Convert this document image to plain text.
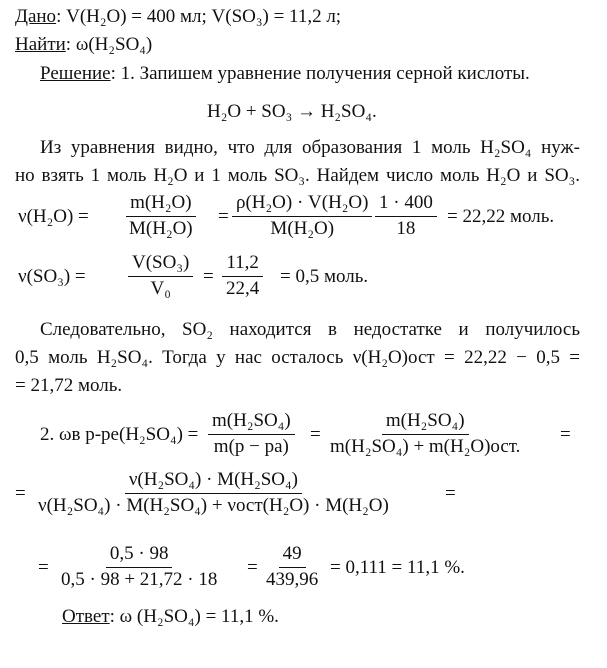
Дано: V(H₂O) = 400 мл; V(SO₃) = 11,2 л;
Найти: ω(H₂SO₄)
Решение: 1. Запишем уравнение получения серной кислоты.
H₂O + SO₃ → H₂SO₄.
Из уравнения видно, что для образования 1 моль H₂SO₄ нуж-
но взять 1 моль H₂O и 1 моль SO₃. Найдем число моль H₂O и SO₃.
$\nu(H_2O) = \frac{\text{m(H₂O)}}{\text{M(H₂O)}} = \frac{\text{ρ(H₂O) · V(H₂O)}}{\text{M(H₂O)}} \frac{1 \cdot 400}{18} = 22,22$ моль.
$\nu(SO_3) = \frac{\text{V(SO₃)}}{\text{V₀}} = \frac{11,2}{22,4} = 0,5$ моль.
Следовательно, SO₂ находится в недостатке и получилось
0,5 моль H₂SO₄. Тогда у нас осталось ν(H₂O)ост = 22,22 − 0,5 =
= 21,72 моль.
2. ωв р-ре(H₂SO₄) =
m(H₂SO₄)
m(р − ра)
=
m(H₂SO₄)
m(H₂SO₄) + m(H₂O)ост.
=
=
ν(H₂SO₄) · M(H₂SO₄)
ν(H₂SO₄) · M(H₂SO₄) + νост(H₂O) · M(H₂O)
=
= $\frac{0,5 \cdot 98}{0,5 \cdot 98 + 21,72 \cdot 18} = \frac{49}{439,96} = 0,111 = 11,1$ %.
Ответ: ω (H₂SO₄) = 11,1 %.
